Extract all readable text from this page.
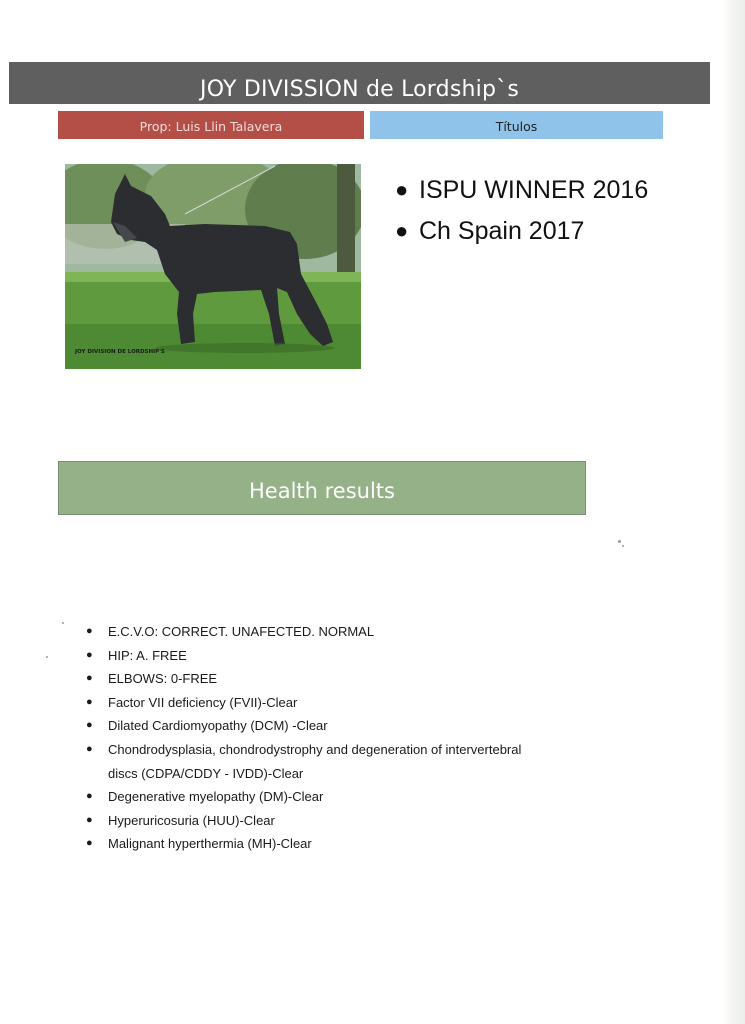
JOY DIVISSION de Lordship`s
Prop: Luis Llin Talavera	Títulos
JOY DIVISION DE LORDSHIP'S
● ISPU WINNER 2016
● Ch Spain 2017
Health results
● E.C.V.O: CORRECT. UNAFECTED. NORMAL
● HIP: A. FREE
● ELBOWS: 0-FREE
● Factor VII deficiency (FVII)-Clear
● Dilated Cardiomyopathy (DCM) -Clear
● Chondrodysplasia, chondrodystrophy and degeneration of intervertebral discs (CDPA/CDDY - IVDD)-Clear
● Degenerative myelopathy (DM)-Clear
● Hyperuricosuria (HUU)-Clear
● Malignant hyperthermia (MH)-Clear
